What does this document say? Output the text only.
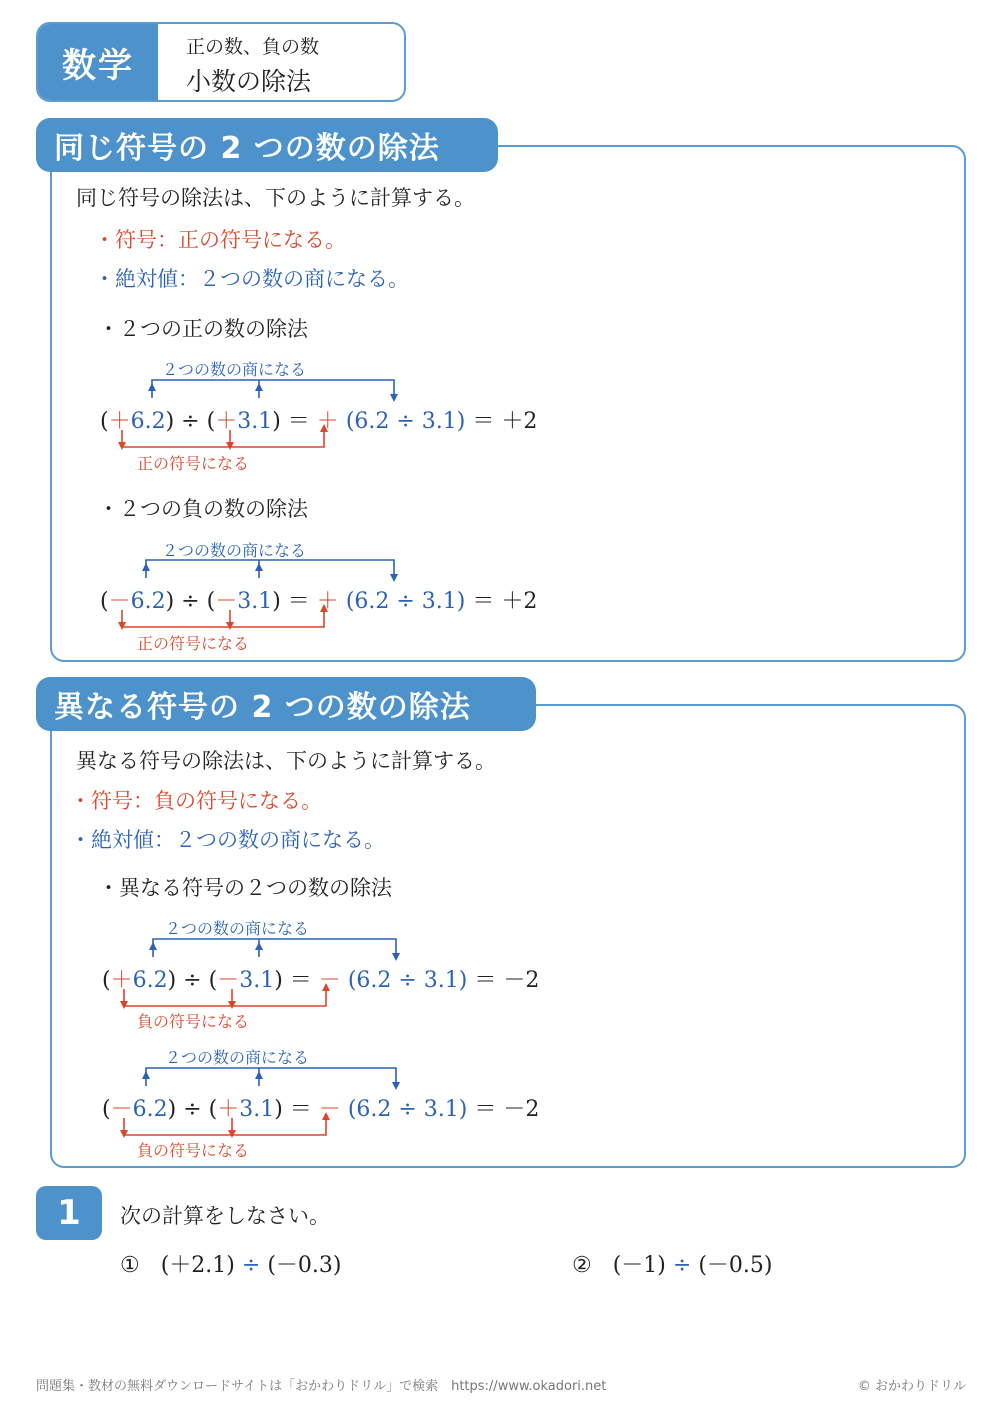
数学	正の数、負の数
小数の除法
同じ符号の 2 つの数の除法
同じ符号の除法は、下のように計算する。
・符号：正の符号になる。
・絶対値：２つの数の商になる。
・２つの正の数の除法
２つの数の商になる
(＋6.2) ÷ (＋3.1) ＝ ＋ (6.2 ÷ 3.1) ＝ ＋2
正の符号になる
・２つの負の数の除法
２つの数の商になる
(－6.2) ÷ (－3.1) ＝ ＋ (6.2 ÷ 3.1) ＝ ＋2
正の符号になる
異なる符号の 2 つの数の除法
異なる符号の除法は、下のように計算する。
・符号：負の符号になる。
・絶対値：２つの数の商になる。
・異なる符号の２つの数の除法
２つの数の商になる
(＋6.2) ÷ (－3.1) ＝ － (6.2 ÷ 3.1) ＝ －2
負の符号になる
２つの数の商になる
(－6.2) ÷ (＋3.1) ＝ － (6.2 ÷ 3.1) ＝ －2
負の符号になる
1	次の計算をしなさい。
① (＋2.1) ÷ (－0.3)	② (－1) ÷ (－0.5)
問題集・教材の無料ダウンロードサイトは「おかわりドリル」で検索　https://www.okadori.net	© おかわりドリル
